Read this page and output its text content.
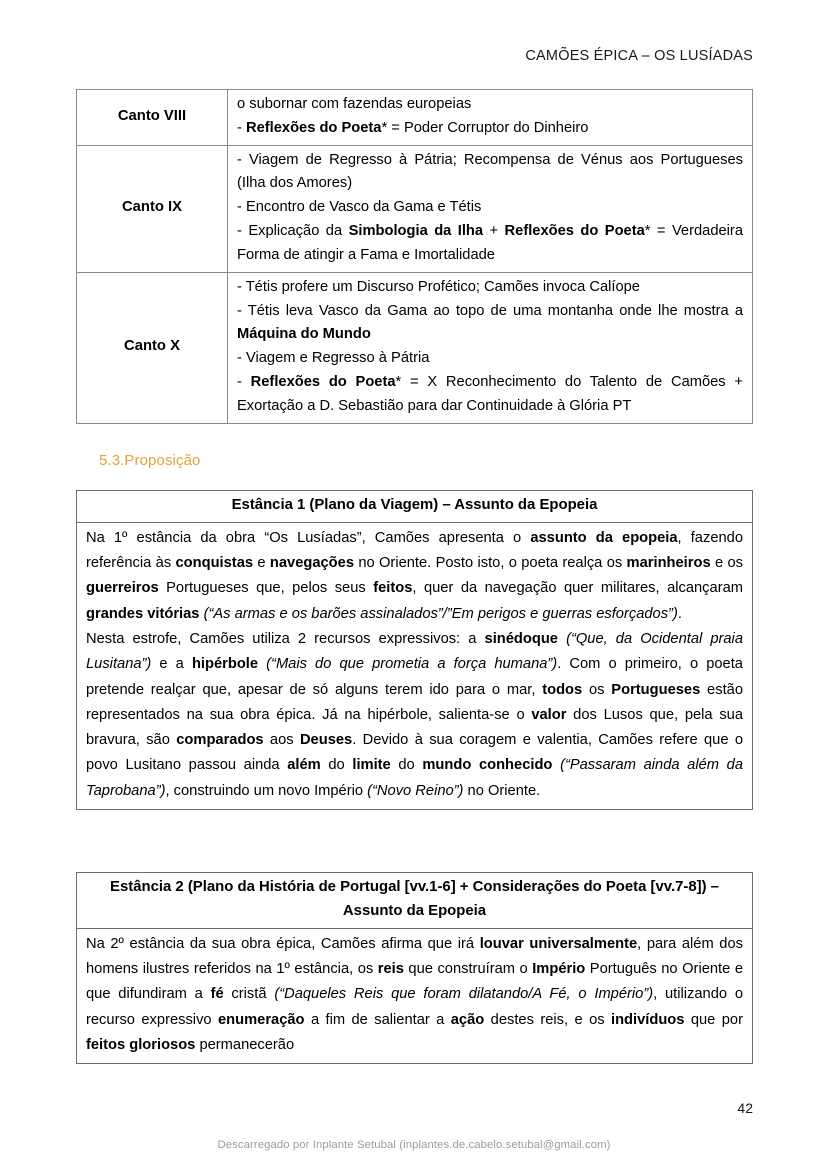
CAMÕES ÉPICA – OS LUSÍADAS
Canto VIII	o subornar com fazendas europeias
- Reflexões do Poeta* = Poder Corruptor do Dinheiro
Canto IX	- Viagem de Regresso à Pátria; Recompensa de Vénus aos Portugueses (Ilha dos Amores)
- Encontro de Vasco da Gama e Tétis
- Explicação da Simbologia da Ilha + Reflexões do Poeta* = Verdadeira Forma de atingir a Fama e Imortalidade
Canto X	- Tétis profere um Discurso Profético; Camões invoca Calíope
- Tétis leva Vasco da Gama ao topo de uma montanha onde lhe mostra a Máquina do Mundo
- Viagem e Regresso à Pátria
- Reflexões do Poeta* = X Reconhecimento do Talento de Camões + Exortação a D. Sebastião para dar Continuidade à Glória PT
5.3.Proposição
Estância 1 (Plano da Viagem) – Assunto da Epopeia
Na 1º estância da obra “Os Lusíadas”, Camões apresenta o assunto da epopeia, fazendo referência às conquistas e navegações no Oriente. Posto isto, o poeta realça os marinheiros e os guerreiros Portugueses que, pelos seus feitos, quer da navegação quer militares, alcançaram grandes vitórias (“As armas e os barões assinalados”/”Em perigos e guerras esforçados”).
Nesta estrofe, Camões utiliza 2 recursos expressivos: a sinédoque (“Que, da Ocidental praia Lusitana”) e a hipérbole (“Mais do que prometia a força humana”). Com o primeiro, o poeta pretende realçar que, apesar de só alguns terem ido para o mar, todos os Portugueses estão representados na sua obra épica. Já na hipérbole, salienta-se o valor dos Lusos que, pela sua bravura, são comparados aos Deuses. Devido à sua coragem e valentia, Camões refere que o povo Lusitano passou ainda além do limite do mundo conhecido (“Passaram ainda além da Taprobana”), construindo um novo Império (“Novo Reino”) no Oriente.
Estância 2 (Plano da História de Portugal [vv.1-6] + Considerações do Poeta [vv.7-8]) – Assunto da Epopeia
Na 2º estância da sua obra épica, Camões afirma que irá louvar universalmente, para além dos homens ilustres referidos na 1º estância, os reis que construíram o Império Português no Oriente e que difundiram a fé cristã (“Daqueles Reis que foram dilatando/A Fé, o Império”), utilizando o recurso expressivo enumeração a fim de salientar a ação destes reis, e os indivíduos que por feitos gloriosos permanecerão
42
Descarregado por Inplante Setubal (inplantes.de.cabelo.setubal@gmail.com)
